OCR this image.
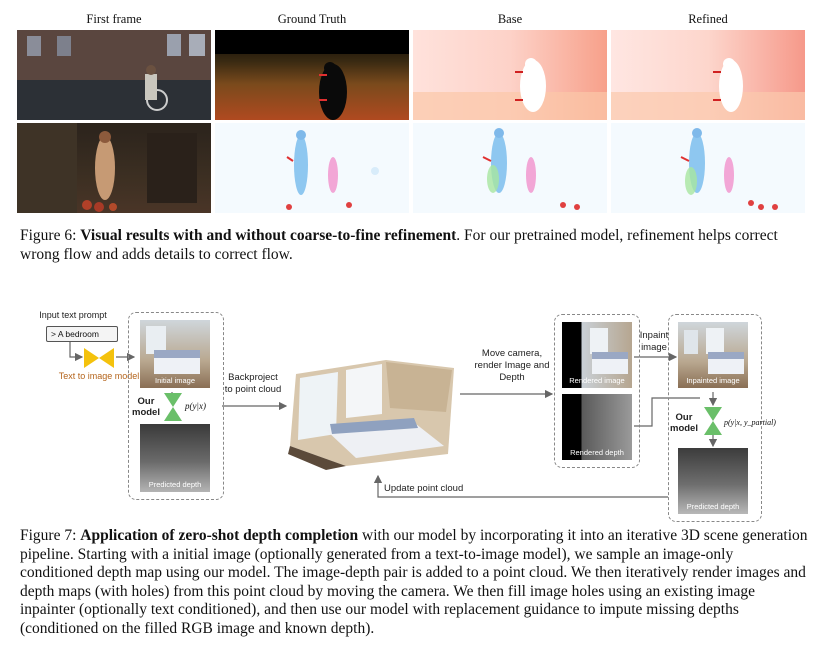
First frame	Ground Truth	Base	Refined
Figure 6: Visual results with and without coarse-to-fine refinement. For our pretrained model, refinement helps correct wrong flow and adds details to correct flow.
Input text prompt
> A bedroom
Text to image model	Initial image
Our model
p(y|x)
Predicted depth
Backproject to point cloud
Move camera, render Image and Depth	Rendered image
Rendered depth
Inpaint image
Inpainted image
Our model
p(y|x, y_partial)
Predicted depth
Update point cloud
Figure 7: Application of zero-shot depth completion with our model by incorporating it into an iterative 3D scene generation pipeline. Starting with a initial image (optionally generated from a text-to-image model), we sample an image-only conditioned depth map using our model. The image-depth pair is added to a point cloud. We then iteratively render images and depth maps (with holes) from this point cloud by moving the camera. We then fill image holes using an existing image inpainter (optionally text conditioned), and then use our model with replacement guidance to impute missing depths (conditioned on the filled RGB image and known depth).
